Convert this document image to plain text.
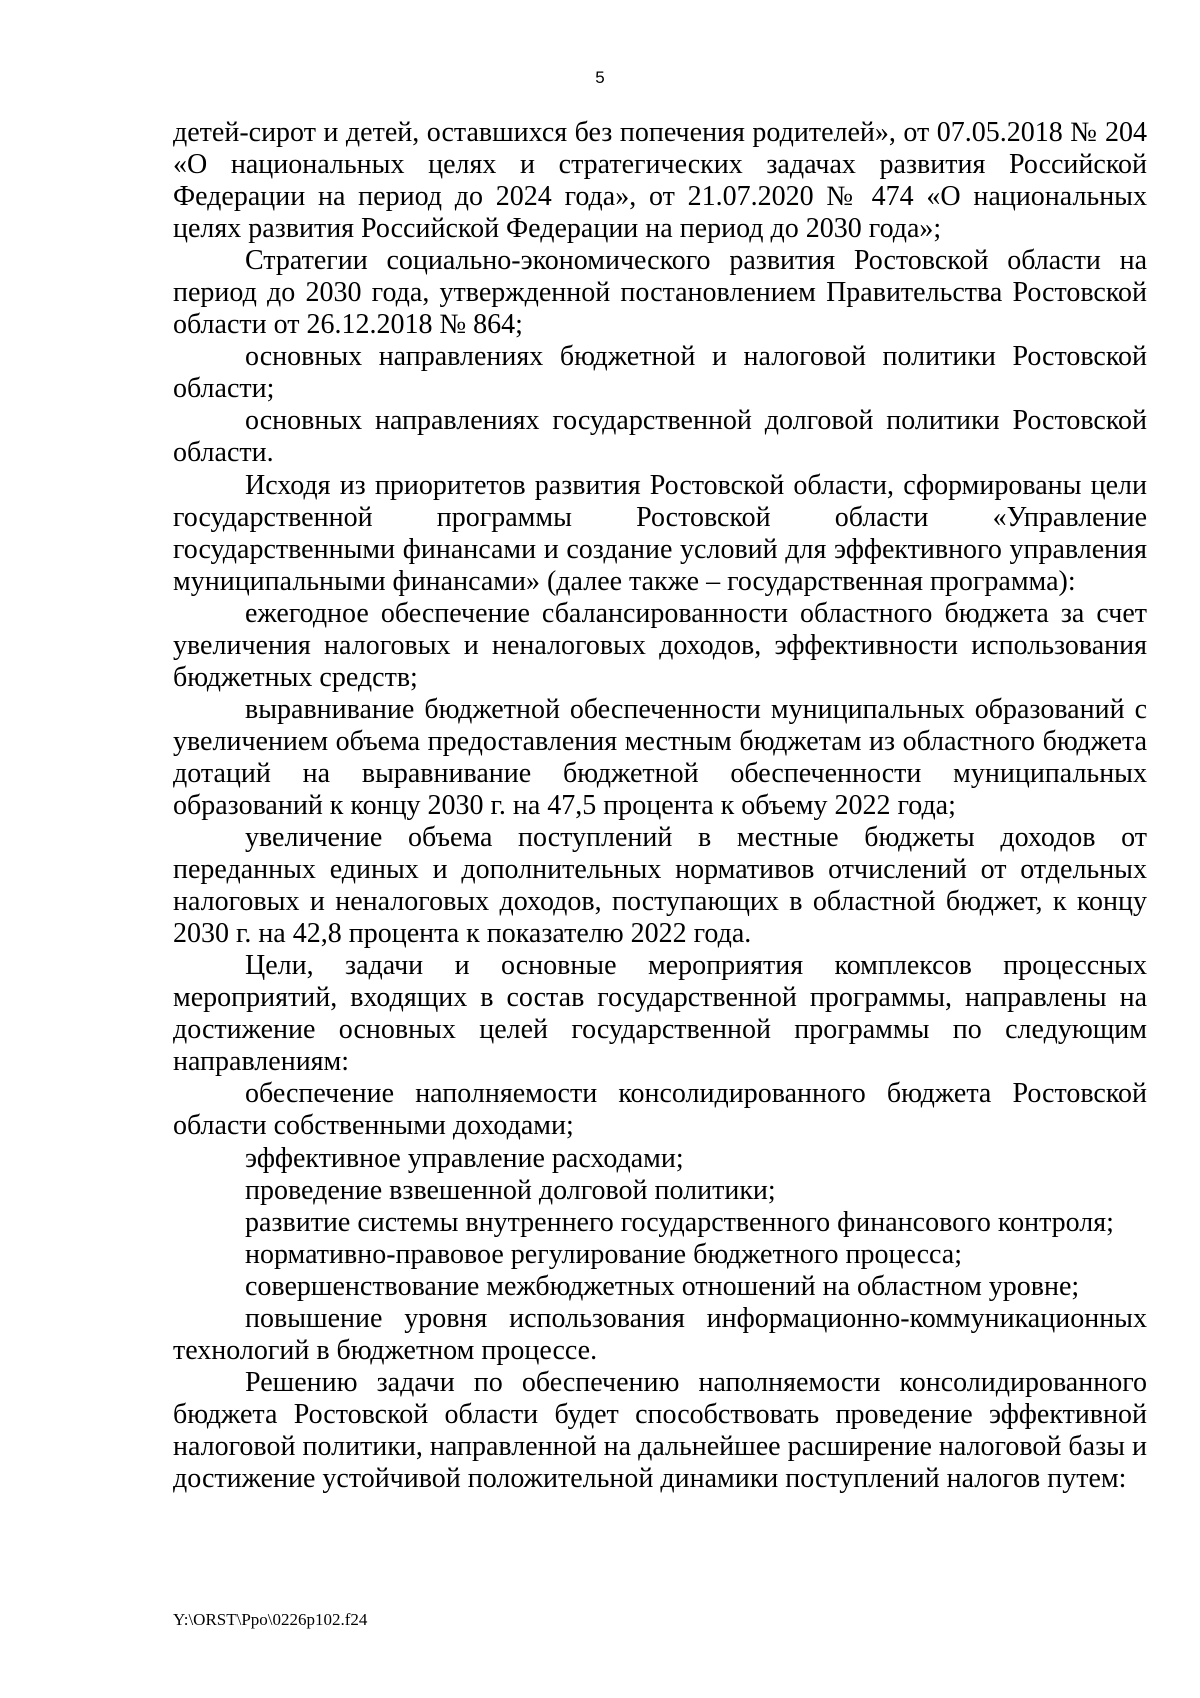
5

детей-сирот и детей, оставшихся без попечения родителей», от 07.05.2018 № 204 «О национальных целях и стратегических задачах развития Российской Федерации на период до 2024 года», от 21.07.2020 № 474 «О национальных целях развития Российской Федерации на период до 2030 года»;

Стратегии социально-экономического развития Ростовской области на период до 2030 года, утвержденной постановлением Правительства Ростовской области от 26.12.2018 № 864;

основных направлениях бюджетной и налоговой политики Ростовской области;

основных направлениях государственной долговой политики Ростовской области.

Исходя из приоритетов развития Ростовской области, сформированы цели государственной программы Ростовской области «Управление государственными финансами и создание условий для эффективного управления муниципальными финансами» (далее также – государственная программа):

ежегодное обеспечение сбалансированности областного бюджета за счет увеличения налоговых и неналоговых доходов, эффективности использования бюджетных средств;

выравнивание бюджетной обеспеченности муниципальных образований с увеличением объема предоставления местным бюджетам из областного бюджета дотаций на выравнивание бюджетной обеспеченности муниципальных образований к концу 2030 г. на 47,5 процента к объему 2022 года;

увеличение объема поступлений в местные бюджеты доходов от переданных единых и дополнительных нормативов отчислений от отдельных налоговых и неналоговых доходов, поступающих в областной бюджет, к концу 2030 г. на 42,8 процента к показателю 2022 года.

Цели, задачи и основные мероприятия комплексов процессных мероприятий, входящих в состав государственной программы, направлены на достижение основных целей государственной программы по следующим направлениям:

обеспечение наполняемости консолидированного бюджета Ростовской области собственными доходами;

эффективное управление расходами;

проведение взвешенной долговой политики;

развитие системы внутреннего государственного финансового контроля;

нормативно-правовое регулирование бюджетного процесса;

совершенствование межбюджетных отношений на областном уровне;

повышение уровня использования информационно-коммуникационных технологий в бюджетном процессе.

Решению задачи по обеспечению наполняемости консолидированного бюджета Ростовской области будет способствовать проведение эффективной налоговой политики, направленной на дальнейшее расширение налоговой базы и достижение устойчивой положительной динамики поступлений налогов путем:

Y:\ORST\Ppo\0226p102.f24
